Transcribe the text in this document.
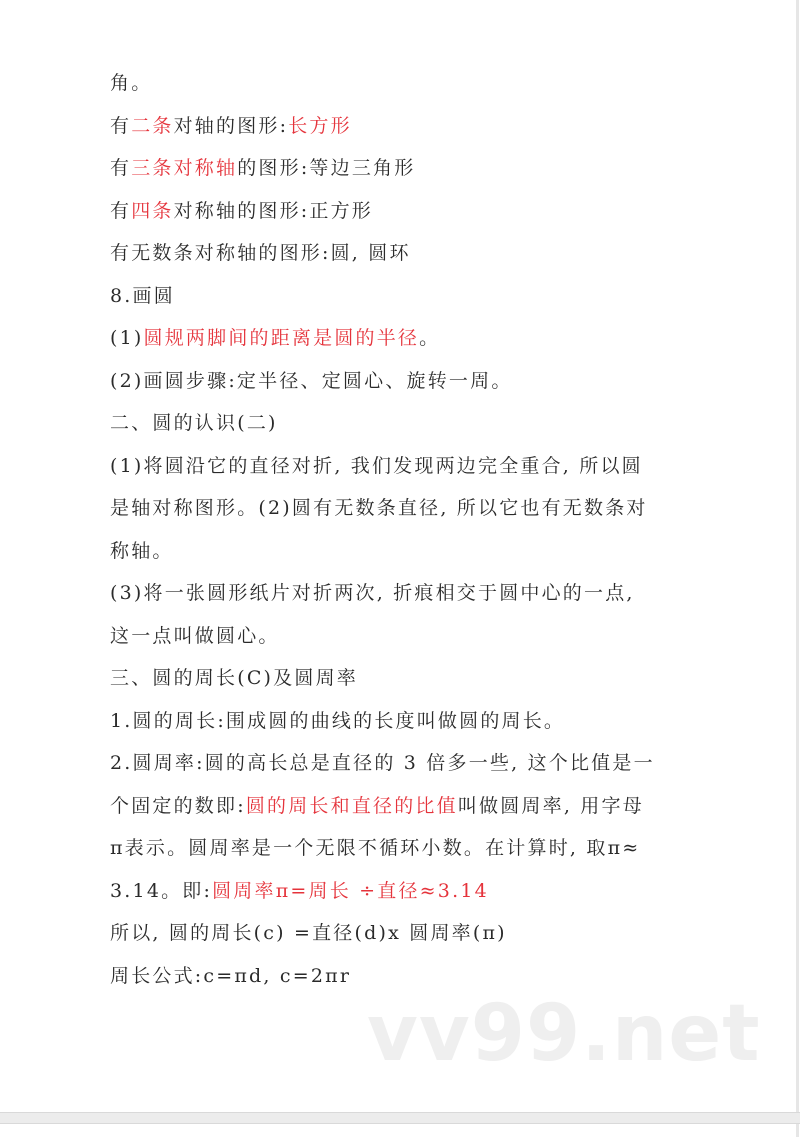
角。
有二条对轴的图形:长方形
有三条对称轴的图形:等边三角形
有四条对称轴的图形:正方形
有无数条对称轴的图形:圆, 圆环
8.画圆
(1)圆规两脚间的距离是圆的半径。
(2)画圆步骤:定半径、定圆心、旋转一周。
二、圆的认识(二)
(1)将圆沿它的直径对折, 我们发现两边完全重合, 所以圆
是轴对称图形。(2)圆有无数条直径, 所以它也有无数条对
称轴。
(3)将一张圆形纸片对折两次, 折痕相交于圆中心的一点,
这一点叫做圆心。
三、圆的周长(C)及圆周率
1.圆的周长:围成圆的曲线的长度叫做圆的周长。
2.圆周率:圆的高长总是直径的 3 倍多一些, 这个比值是一
个固定的数即:圆的周长和直径的比值叫做圆周率, 用字母
π表示。圆周率是一个无限不循环小数。在计算时, 取π≈
3.14。即:圆周率π=周长 ÷直径≈3.14
所以, 圆的周长(c) =直径(d)x 圆周率(π)
周长公式:c=πd, c=2πr
vv99.net
